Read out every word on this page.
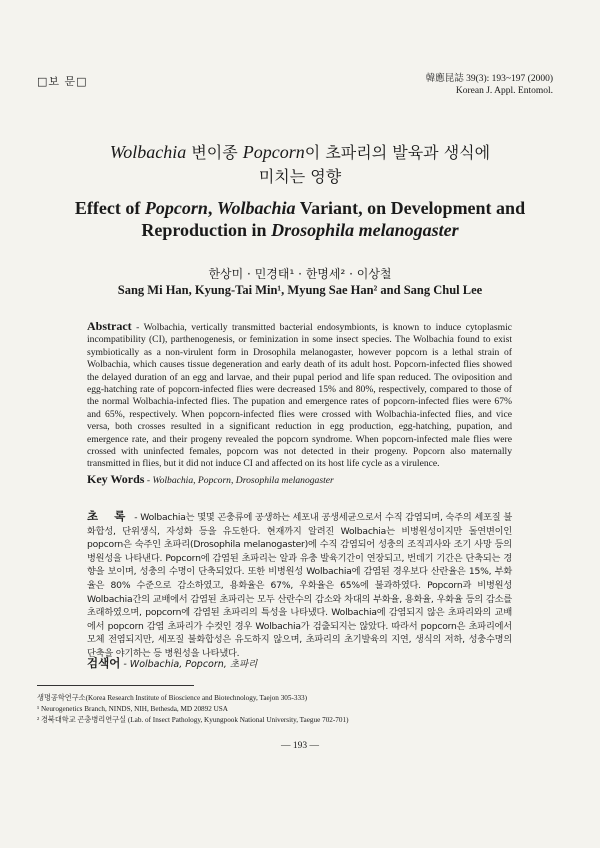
□보 문□	韓應昆誌 39(3): 193~197 (2000)
Korean J. Appl. Entomol.
Wolbachia 변이종 Popcorn이 초파리의 발육과 생식에
미치는 영향
Effect of Popcorn, Wolbachia Variant, on Development and
Reproduction in Drosophila melanogaster
한상미 · 민경태¹ · 한명세² · 이상철
Sang Mi Han, Kyung-Tai Min¹, Myung Sae Han² and Sang Chul Lee
Abstract - Wolbachia, vertically transmitted bacterial endosymbionts, is known to induce cytoplasmic incompatibility (CI), parthenogenesis, or feminization in some insect species. The Wolbachia found to exist symbiotically as a non-virulent form in Drosophila melanogaster, however popcorn is a lethal strain of Wolbachia, which causes tissue degeneration and early death of its adult host. Popcorn-infected flies showed the delayed duration of an egg and larvae, and their pupal period and life span reduced. The oviposition and egg-hatching rate of popcorn-infected flies were decreased 15% and 80%, respectively, compared to those of the normal Wolbachia-infected flies. The pupation and emergence rates of popcorn-infected flies were 67% and 65%, respectively. When popcorn-infected flies were crossed with Wolbachia-infected flies, and vice versa, both crosses resulted in a significant reduction in egg production, egg-hatching, pupation, and emergence rate, and their progeny revealed the popcorn syndrome. When popcorn-infected male flies were crossed with uninfected females, popcorn was not detected in their progeny. Popcorn also maternally transmitted in flies, but it did not induce CI and affected on its host life cycle as a virulence.
Key Words - Wolbachia, Popcorn, Drosophila melanogaster
초 록 - Wolbachia는 몇몇 곤충류에 공생하는 세포내 공생세균으로서 수직 감염되며, 숙주의 세포질 불화합성, 단위생식, 자성화 등을 유도한다. 현재까지 알려진 Wolbachia는 비병원성이지만 돌연변이인 popcorn은 숙주인 초파리(Drosophila melanogaster)에 수직 감염되어 성충의 조직괴사와 조기 사망 등의 병원성을 나타낸다. Popcorn에 감염된 초파리는 알과 유충 발육기간이 연장되고, 번데기 기간은 단축되는 경향을 보이며, 성충의 수명이 단축되었다. 또한 비병원성 Wolbachia에 감염된 경우보다 산란율은 15%, 부화율은 80% 수준으로 감소하였고, 용화율은 67%, 우화율은 65%에 불과하였다. Popcorn과 비병원성 Wolbachia간의 교배에서 감염된 초파리는 모두 산란수의 감소와 차대의 부화율, 용화율, 우화율 등의 감소를 초래하였으며, popcorn에 감염된 초파리의 특성을 나타냈다. Wolbachia에 감염되지 않은 초파리와의 교배에서 popcorn 감염 초파리가 수컷인 경우 Wolbachia가 검출되지는 않았다. 따라서 popcorn은 초파리에서 모체 전염되지만, 세포질 불화합성은 유도하지 않으며, 초파리의 초기발육의 지연, 생식의 저하, 성충수명의 단축을 야기하는 등 병원성을 나타냈다.
검색어 - Wolbachia, Popcorn, 초파리
생명공학연구소(Korea Research Institute of Bioscience and Biotechnology, Taejon 305-333)
¹ Neurogenetics Branch, NINDS, NIH, Bethesda, MD 20892 USA
² 경북대학교 곤충병리연구실 (Lab. of Insect Pathology, Kyungpook National University, Taegue 702-701)
— 193 —
